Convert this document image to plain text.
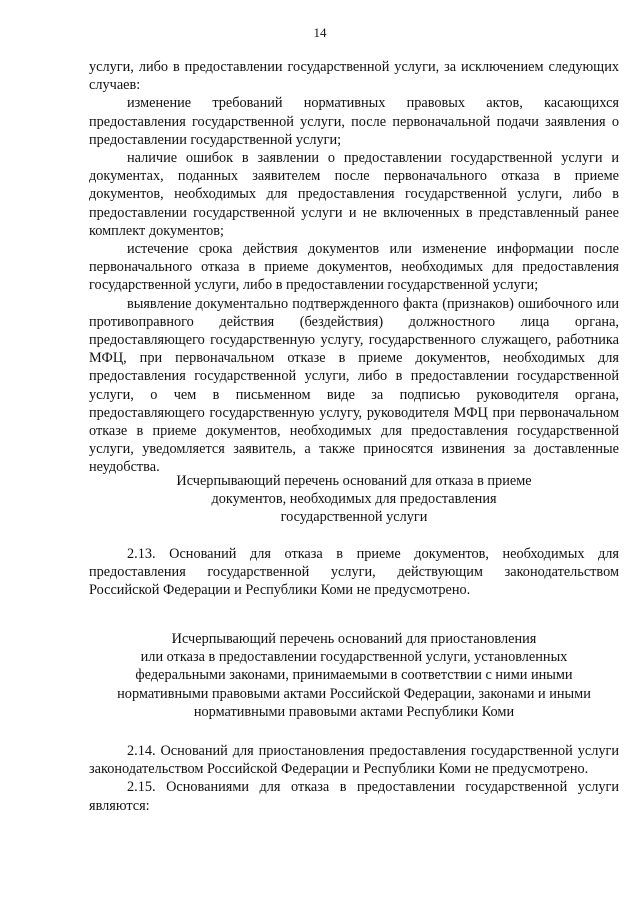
14

услуги, либо в предоставлении государственной услуги, за исключением следующих случаев:

изменение требований нормативных правовых актов, касающихся предоставления государственной услуги, после первоначальной подачи заявления о предоставлении государственной услуги;

наличие ошибок в заявлении о предоставлении государственной услуги и документах, поданных заявителем после первоначального отказа в приеме документов, необходимых для предоставления государственной услуги, либо в предоставлении государственной услуги и не включенных в представленный ранее комплект документов;

истечение срока действия документов или изменение информации после первоначального отказа в приеме документов, необходимых для предоставления государственной услуги, либо в предоставлении государственной услуги;

выявление документально подтвержденного факта (признаков) ошибочного или противоправного действия (бездействия) должностного лица органа, предоставляющего государственную услугу, государственного служащего, работника МФЦ, при первоначальном отказе в приеме документов, необходимых для предоставления государственной услуги, либо в предоставлении государственной услуги, о чем в письменном виде за подписью руководителя органа, предоставляющего государственную услугу, руководителя МФЦ при первоначальном отказе в приеме документов, необходимых для предоставления государственной услуги, уведомляется заявитель, а также приносятся извинения за доставленные неудобства.

Исчерпывающий перечень оснований для отказа в приеме

документов, необходимых для предоставления

государственной услуги

2.13. Оснований для отказа в приеме документов, необходимых для предоставления государственной услуги, действующим законодательством Российской Федерации и Республики Коми не предусмотрено.

Исчерпывающий перечень оснований для приостановления

или отказа в предоставлении государственной услуги, установленных

федеральными законами, принимаемыми в соответствии с ними иными

нормативными правовыми актами Российской Федерации, законами и иными

нормативными правовыми актами Республики Коми

2.14. Оснований для приостановления предоставления государственной услуги законодательством Российской Федерации и Республики Коми не предусмотрено.

2.15. Основаниями для отказа в предоставлении государственной услуги являются:
